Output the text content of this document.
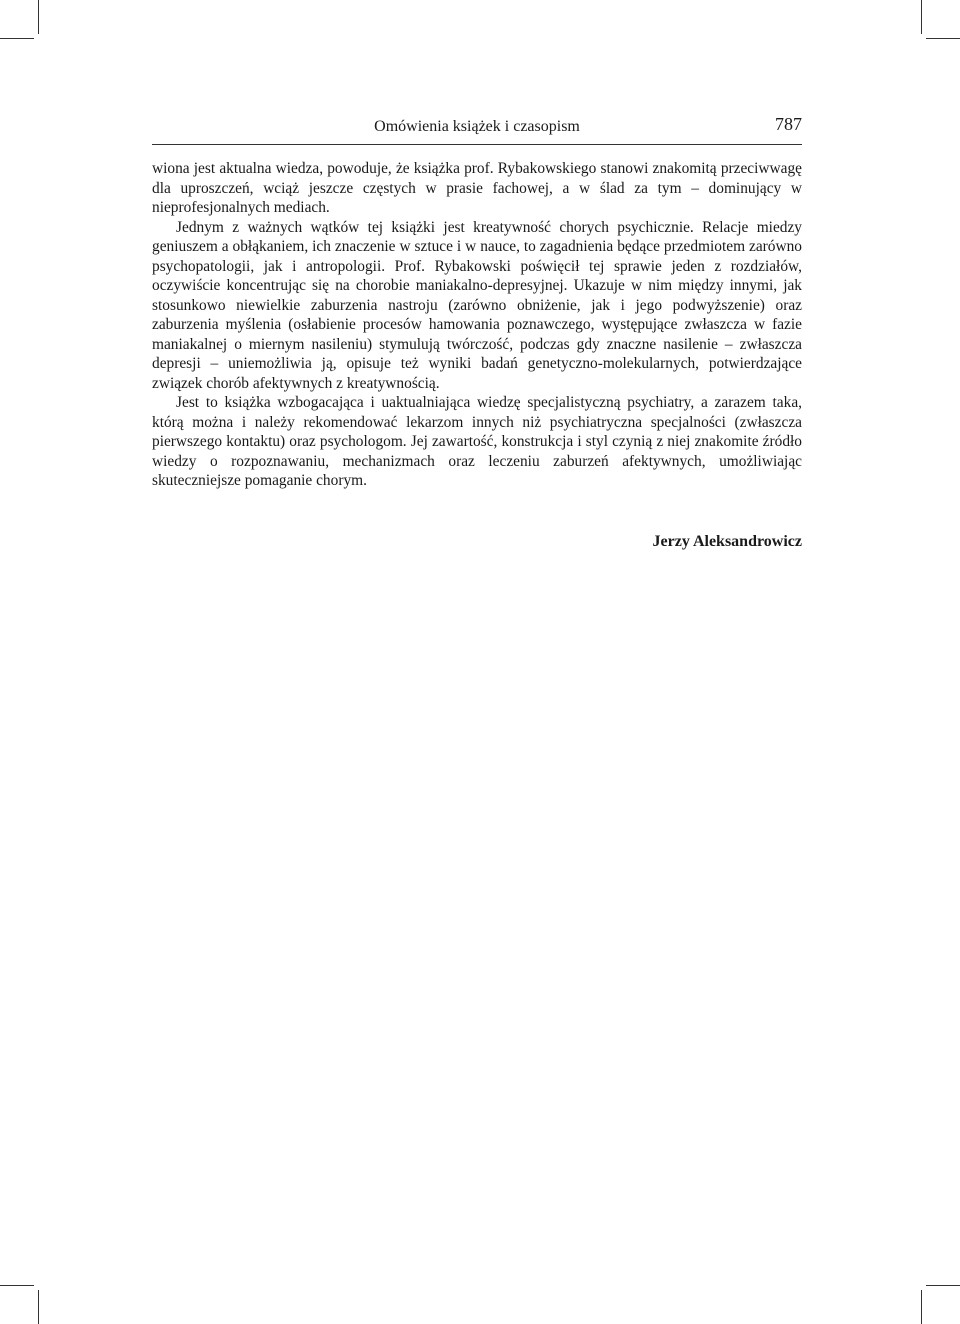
Omówienia książek i czasopism	787

wiona jest aktualna wiedza, powoduje, że książka prof. Rybakowskiego stanowi znakomitą przeciwwagę dla uproszczeń, wciąż jeszcze częstych w prasie fachowej, a w ślad za tym – dominujący w nieprofesjonalnych mediach.

Jednym z ważnych wątków tej książki jest kreatywność chorych psychicznie. Relacje miedzy geniuszem a obłąkaniem, ich znaczenie w sztuce i w nauce, to zagadnienia będące przedmiotem zarówno psychopatologii, jak i antropologii. Prof. Rybakowski poświęcił tej sprawie jeden z rozdziałów, oczywiście koncentrując się na chorobie maniakalno-depresyjnej. Ukazuje w nim między innymi, jak stosunkowo niewielkie zaburzenia nastroju (zarówno obniżenie, jak i jego podwyższenie) oraz zaburzenia myślenia (osłabienie procesów hamowania poznawczego, występujące zwłaszcza w fazie maniakalnej o miernym nasileniu) stymulują twórczość, podczas gdy znaczne nasilenie – zwłaszcza depresji – uniemożliwia ją, opisuje też wyniki badań genetyczno-molekularnych, potwierdzające związek chorób afektywnych z kreatywnością.

Jest to książka wzbogacająca i uaktualniająca wiedzę specjalistyczną psychiatry, a zarazem taka, którą można i należy rekomendować lekarzom innych niż psychiatryczna specjalności (zwłaszcza pierwszego kontaktu) oraz psychologom. Jej zawartość, konstrukcja i styl czynią z niej znakomite źródło wiedzy o rozpoznawaniu, mechanizmach oraz leczeniu zaburzeń afektywnych, umożliwiając skuteczniejsze pomaganie chorym.

Jerzy Aleksandrowicz
